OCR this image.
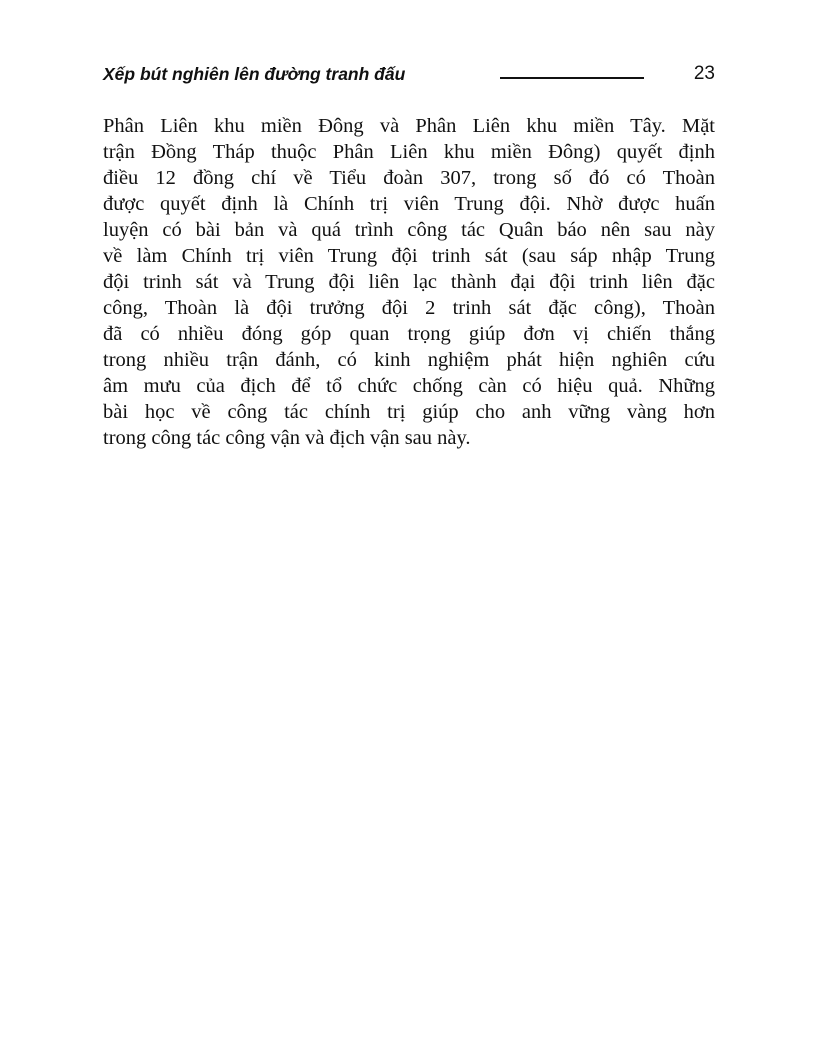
Xếp bút nghiên lên đường tranh đấu	23

Phân Liên khu miền Đông và Phân Liên khu miền Tây. Mặt
trận Đồng Tháp thuộc Phân Liên khu miền Đông) quyết định
điều 12 đồng chí về Tiểu đoàn 307, trong số đó có Thoàn
được quyết định là Chính trị viên Trung đội. Nhờ được huấn
luyện có bài bản và quá trình công tác Quân báo nên sau này
về làm Chính trị viên Trung đội trinh sát (sau sáp nhập Trung
đội trinh sát và Trung đội liên lạc thành đại đội trinh liên đặc
công, Thoàn là đội trưởng đội 2 trinh sát đặc công), Thoàn
đã có nhiều đóng góp quan trọng giúp đơn vị chiến thắng
trong nhiều trận đánh, có kinh nghiệm phát hiện nghiên cứu
âm mưu của địch để tổ chức chống càn có hiệu quả. Những
bài học về công tác chính trị giúp cho anh vững vàng hơn
trong công tác công vận và địch vận sau này.
